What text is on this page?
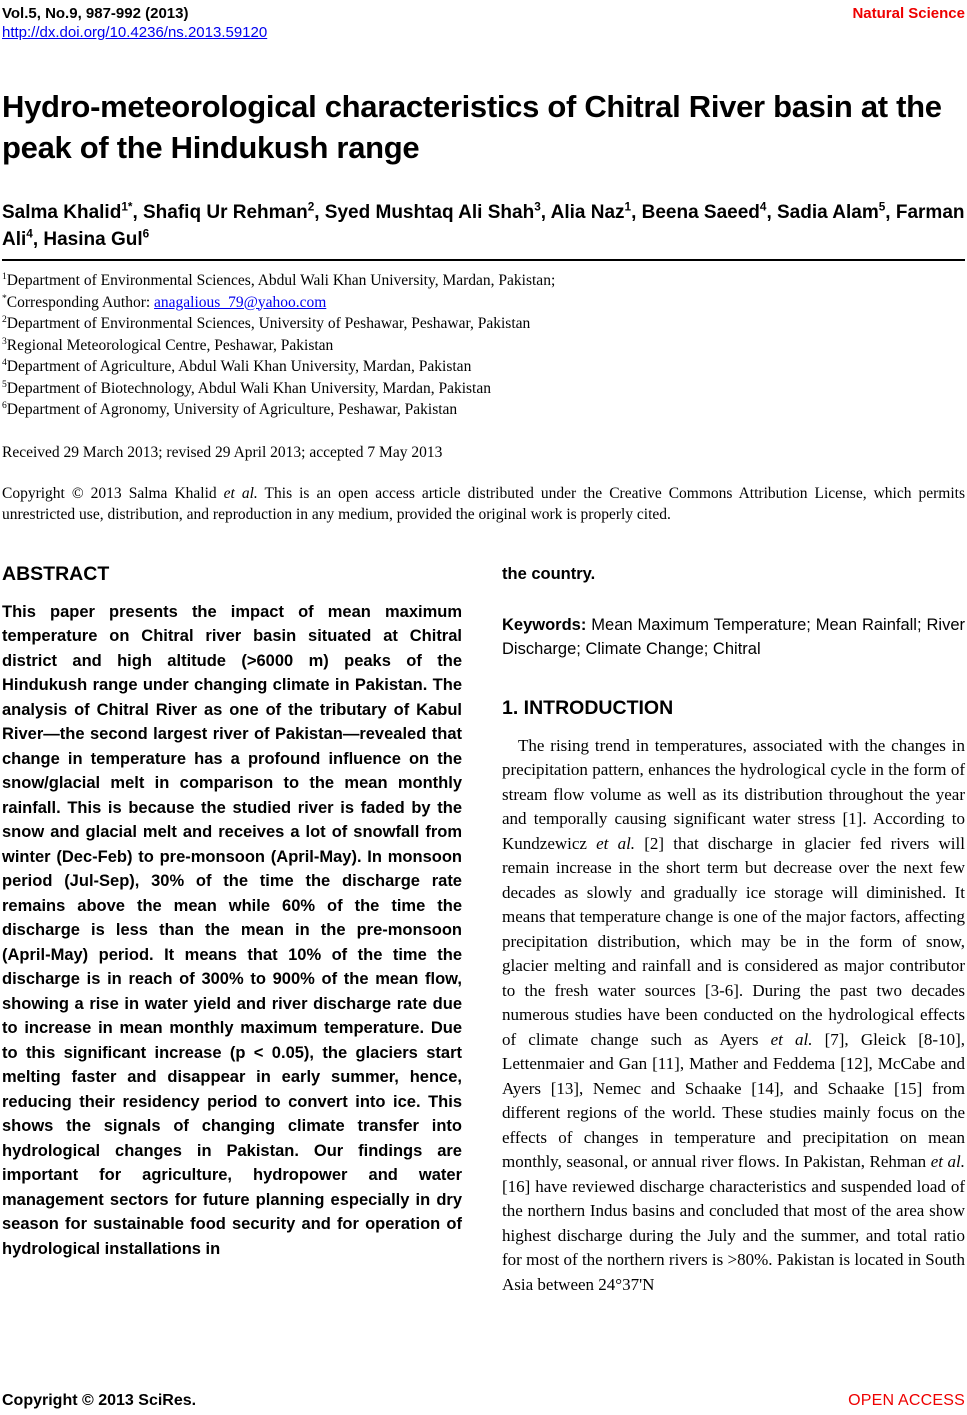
Vol.5, No.9, 987-992 (2013)	Natural Science
http://dx.doi.org/10.4236/ns.2013.59120
Hydro-meteorological characteristics of Chitral River basin at the peak of the Hindukush range

Salma Khalid$^{1*}$, Shafiq Ur Rehman$^2$, Syed Mushtaq Ali Shah$^3$, Alia Naz$^1$, Beena Saeed$^4$, Sadia Alam$^5$, Farman Ali$^4$, Hasina Gul$^6$

$^1$Department of Environmental Sciences, Abdul Wali Khan University, Mardan, Pakistan;
*Corresponding Author: anagalious_79@yahoo.com
$^2$Department of Environmental Sciences, University of Peshawar, Peshawar, Pakistan
$^3$Regional Meteorological Centre, Peshawar, Pakistan
$^4$Department of Agriculture, Abdul Wali Khan University, Mardan, Pakistan
$^5$Department of Biotechnology, Abdul Wali Khan University, Mardan, Pakistan
$^6$Department of Agronomy, University of Agriculture, Peshawar, Pakistan

Received 29 March 2013; revised 29 April 2013; accepted 7 May 2013

Copyright © 2013 Salma Khalid et al. This is an open access article distributed under the Creative Commons Attribution License, which permits unrestricted use, distribution, and reproduction in any medium, provided the original work is properly cited.

ABSTRACT

This paper presents the impact of mean maximum temperature on Chitral river basin situated at Chitral district and high altitude (>6000 m) peaks of the Hindukush range under changing climate in Pakistan. The analysis of Chitral River as one of the tributary of Kabul River—the second largest river of Pakistan—revealed that change in temperature has a profound influence on the snow/glacial melt in comparison to the mean monthly rainfall. This is because the studied river is faded by the snow and glacial melt and receives a lot of snowfall from winter (Dec-Feb) to pre-monsoon (April-May). In monsoon period (Jul-Sep), 30% of the time the discharge rate remains above the mean while 60% of the time the discharge is less than the mean in the pre-monsoon (April-May) period. It means that 10% of the time the discharge is in reach of 300% to 900% of the mean flow, showing a rise in water yield and river discharge rate due to increase in mean monthly maximum temperature. Due to this significant increase (p < 0.05), the glaciers start melting faster and disappear in early summer, hence, reducing their residency period to convert into ice. This shows the signals of changing climate transfer into hydrological changes in Pakistan. Our findings are important for agriculture, hydropower and water management sectors for future planning especially in dry season for sustainable food security and for operation of hydrological installations in

the country.

Keywords: Mean Maximum Temperature; Mean Rainfall; River Discharge; Climate Change; Chitral

1. INTRODUCTION

The rising trend in temperatures, associated with the changes in precipitation pattern, enhances the hydrological cycle in the form of stream flow volume as well as its distribution throughout the year and temporally causing significant water stress [1]. According to Kundzewicz et al. [2] that discharge in glacier fed rivers will remain increase in the short term but decrease over the next few decades as slowly and gradually ice storage will diminished. It means that temperature change is one of the major factors, affecting precipitation distribution, which may be in the form of snow, glacier melting and rainfall and is considered as major contributor to the fresh water sources [3-6]. During the past two decades numerous studies have been conducted on the hydrological effects of climate change such as Ayers et al. [7], Gleick [8-10], Lettenmaier and Gan [11], Mather and Feddema [12], McCabe and Ayers [13], Nemec and Schaake [14], and Schaake [15] from different regions of the world. These studies mainly focus on the effects of changes in temperature and precipitation on mean monthly, seasonal, or annual river flows. In Pakistan, Rehman et al. [16] have reviewed discharge characteristics and suspended load of the northern Indus basins and concluded that most of the area show highest discharge during the July and the summer, and total ratio for most of the northern rivers is >80%. Pakistan is located in South Asia between 24°37'N

Copyright © 2013 SciRes.	OPEN ACCESS
